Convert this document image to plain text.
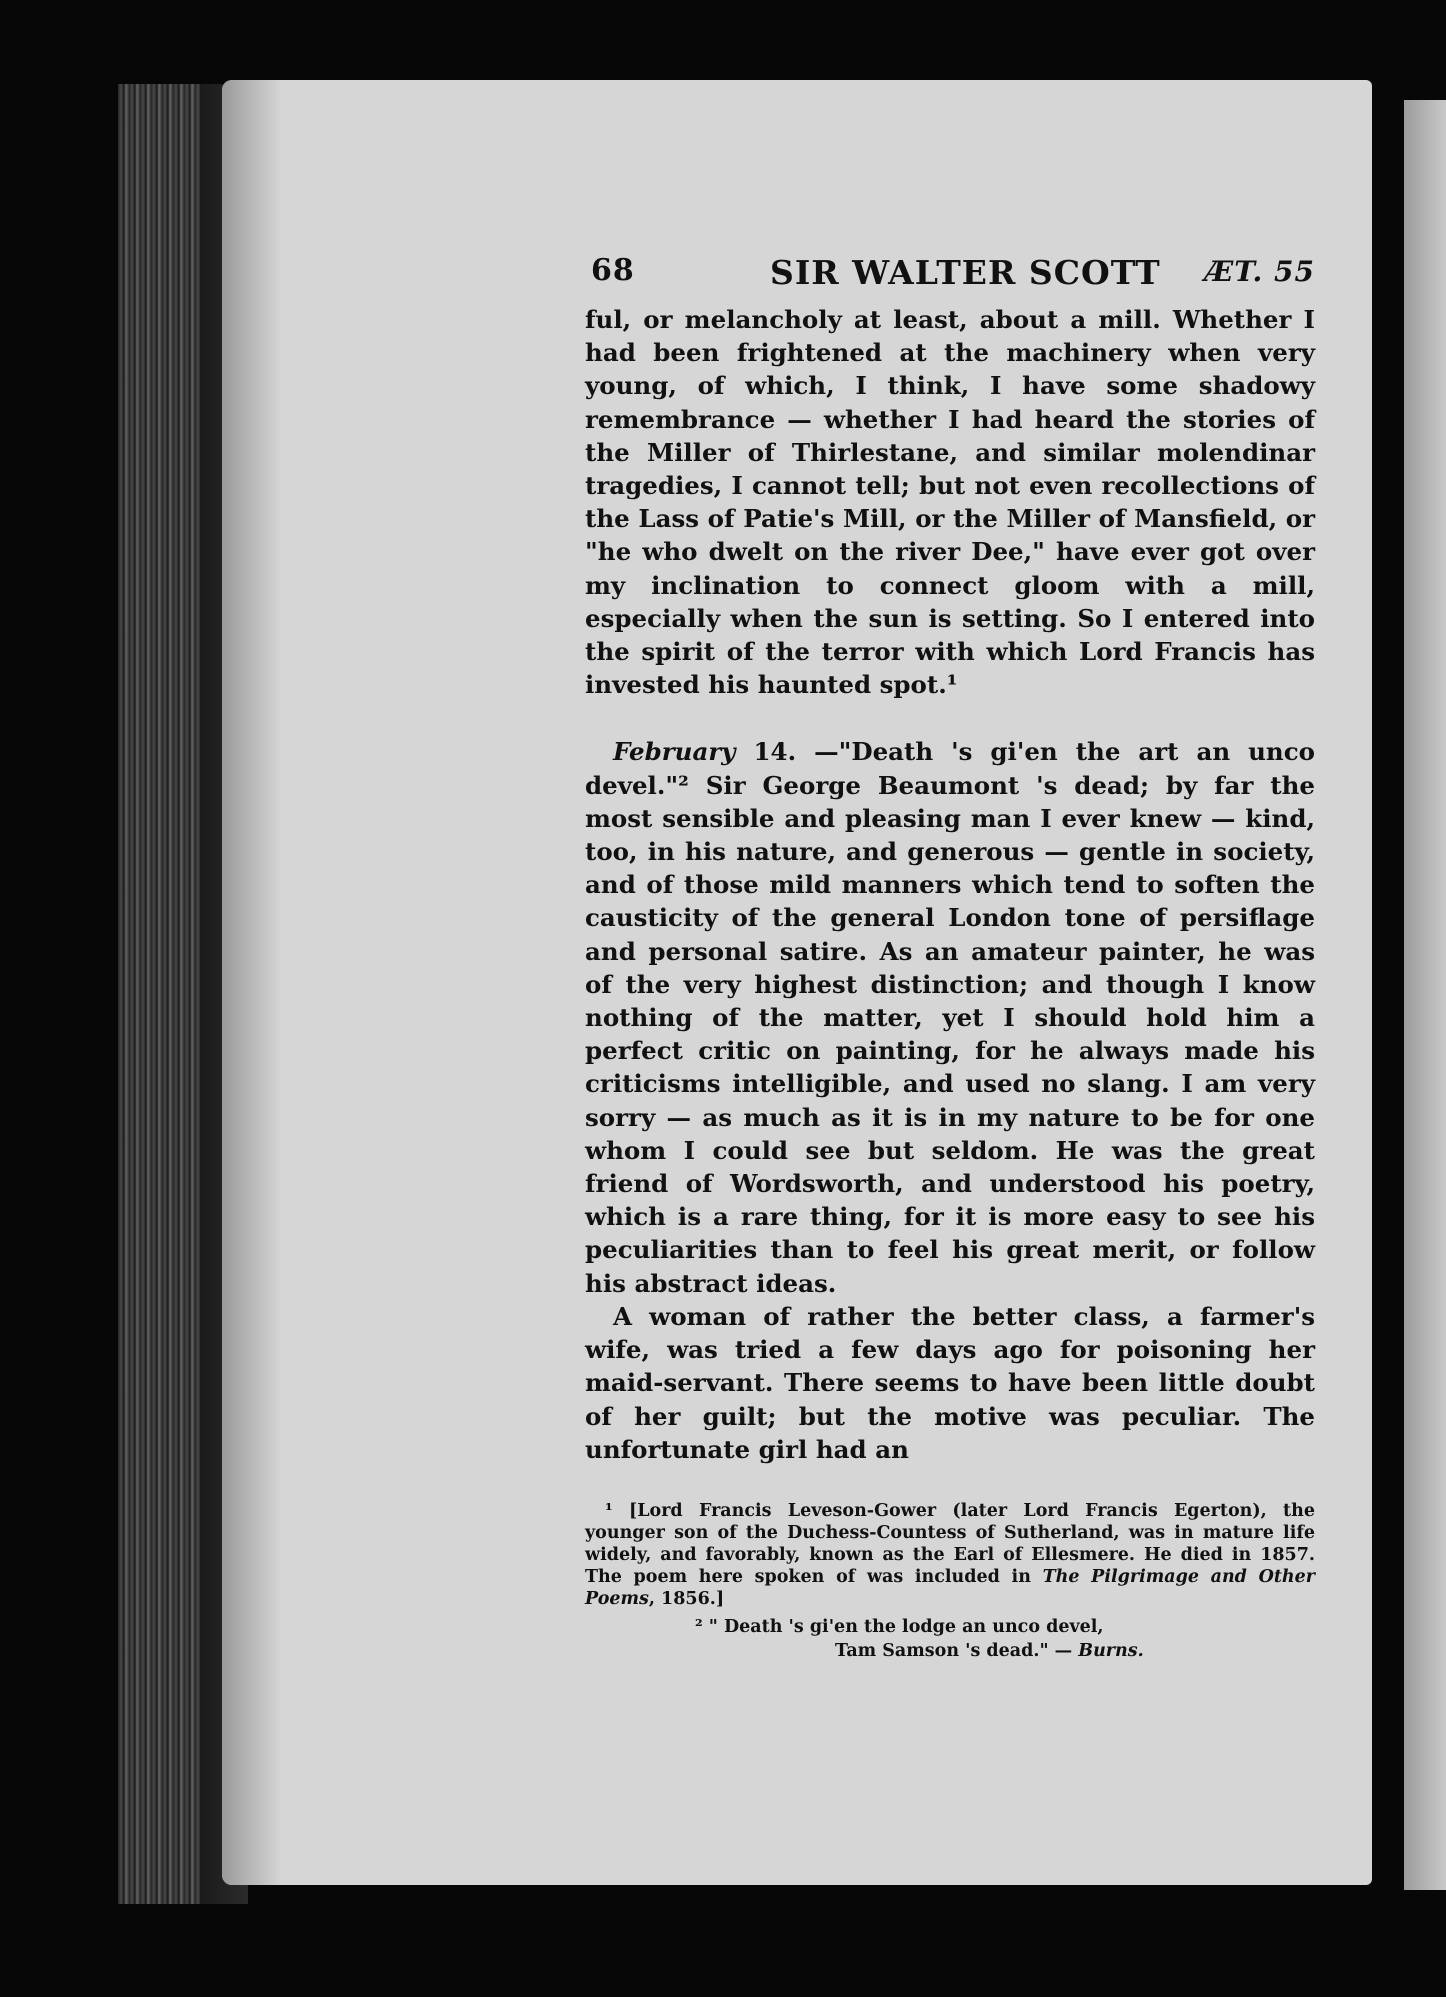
68	SIR WALTER SCOTT ÆT. 55

ful, or melancholy at least, about a mill. Whether I had been frightened at the machinery when very young, of which, I think, I have some shadowy remembrance — whether I had heard the stories of the Miller of Thirlestane, and similar molendinar tragedies, I cannot tell; but not even recollections of the Lass of Patie's Mill, or the Miller of Mansfield, or "he who dwelt on the river Dee," have ever got over my inclination to connect gloom with a mill, especially when the sun is setting. So I entered into the spirit of the terror with which Lord Francis has invested his haunted spot.¹

February 14. —"Death 's gi'en the art an unco devel."² Sir George Beaumont 's dead; by far the most sensible and pleasing man I ever knew — kind, too, in his nature, and generous — gentle in society, and of those mild manners which tend to soften the causticity of the general London tone of persiflage and personal satire. As an amateur painter, he was of the very highest distinction; and though I know nothing of the matter, yet I should hold him a perfect critic on painting, for he always made his criticisms intelligible, and used no slang. I am very sorry — as much as it is in my nature to be for one whom I could see but seldom. He was the great friend of Wordsworth, and understood his poetry, which is a rare thing, for it is more easy to see his peculiarities than to feel his great merit, or follow his abstract ideas.

A woman of rather the better class, a farmer's wife, was tried a few days ago for poisoning her maid-servant. There seems to have been little doubt of her guilt; but the motive was peculiar. The unfortunate girl had an

¹ [Lord Francis Leveson-Gower (later Lord Francis Egerton), the younger son of the Duchess-Countess of Sutherland, was in mature life widely, and favorably, known as the Earl of Ellesmere. He died in 1857. The poem here spoken of was included in The Pilgrimage and Other Poems, 1856.]

² " Death 's gi'en the lodge an unco devel,

Tam Samson 's dead." — Burns.
